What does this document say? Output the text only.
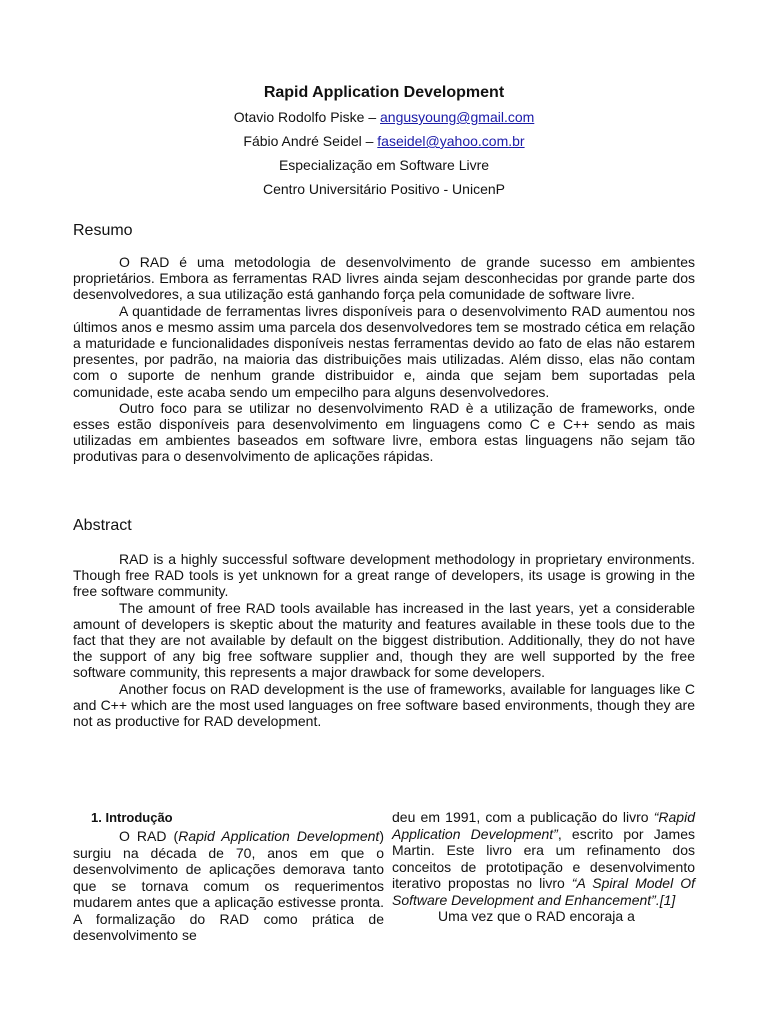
Rapid Application Development
Otavio Rodolfo Piske – angusyoung@gmail.com
Fábio André Seidel – faseidel@yahoo.com.br
Especialização em Software Livre
Centro Universitário Positivo - UnicenP
Resumo

O RAD é uma metodologia de desenvolvimento de grande sucesso em ambientes proprietários. Embora as ferramentas RAD livres ainda sejam desconhecidas por grande parte dos desenvolvedores, a sua utilização está ganhando força pela comunidade de software livre.

A quantidade de ferramentas livres disponíveis para o desenvolvimento RAD aumentou nos últimos anos e mesmo assim uma parcela dos desenvolvedores tem se mostrado cética em relação a maturidade e funcionalidades disponíveis nestas ferramentas devido ao fato de elas não estarem presentes, por padrão, na maioria das distribuições mais utilizadas. Além disso, elas não contam com o suporte de nenhum grande distribuidor e, ainda que sejam bem suportadas pela comunidade, este acaba sendo um empecilho para alguns desenvolvedores.

Outro foco para se utilizar no desenvolvimento RAD è a utilização de frameworks, onde esses estão disponíveis para desenvolvimento em linguagens como C e C++ sendo as mais utilizadas em ambientes baseados em software livre, embora estas linguagens não sejam tão produtivas para o desenvolvimento de aplicações rápidas.

Abstract

RAD is a highly successful software development methodology in proprietary environments. Though free RAD tools is yet unknown for a great range of developers, its usage is growing in the free software community.

The amount of free RAD tools available has increased in the last years, yet a considerable amount of developers is skeptic about the maturity and features available in these tools due to the fact that they are not available by default on the biggest distribution. Additionally, they do not have the support of any big free software supplier and, though they are well supported by the free software community, this represents a major drawback for some developers.

Another focus on RAD development is the use of frameworks, available for languages like C and C++ which are the most used languages on free software based environments, though they are not as productive for RAD development.

1. Introdução

O RAD (Rapid Application Development) surgiu na década de 70, anos em que o desenvolvimento de aplicações demorava tanto que se tornava comum os requerimentos mudarem antes que a aplicação estivesse pronta. A formalização do RAD como prática de desenvolvimento se

deu em 1991, com a publicação do livro “Rapid Application Development”, escrito por James Martin. Este livro era um refinamento dos conceitos de prototipação e desenvolvimento iterativo propostas no livro “A Spiral Model Of Software Development and Enhancement”.[1]

Uma vez que o RAD encoraja a
